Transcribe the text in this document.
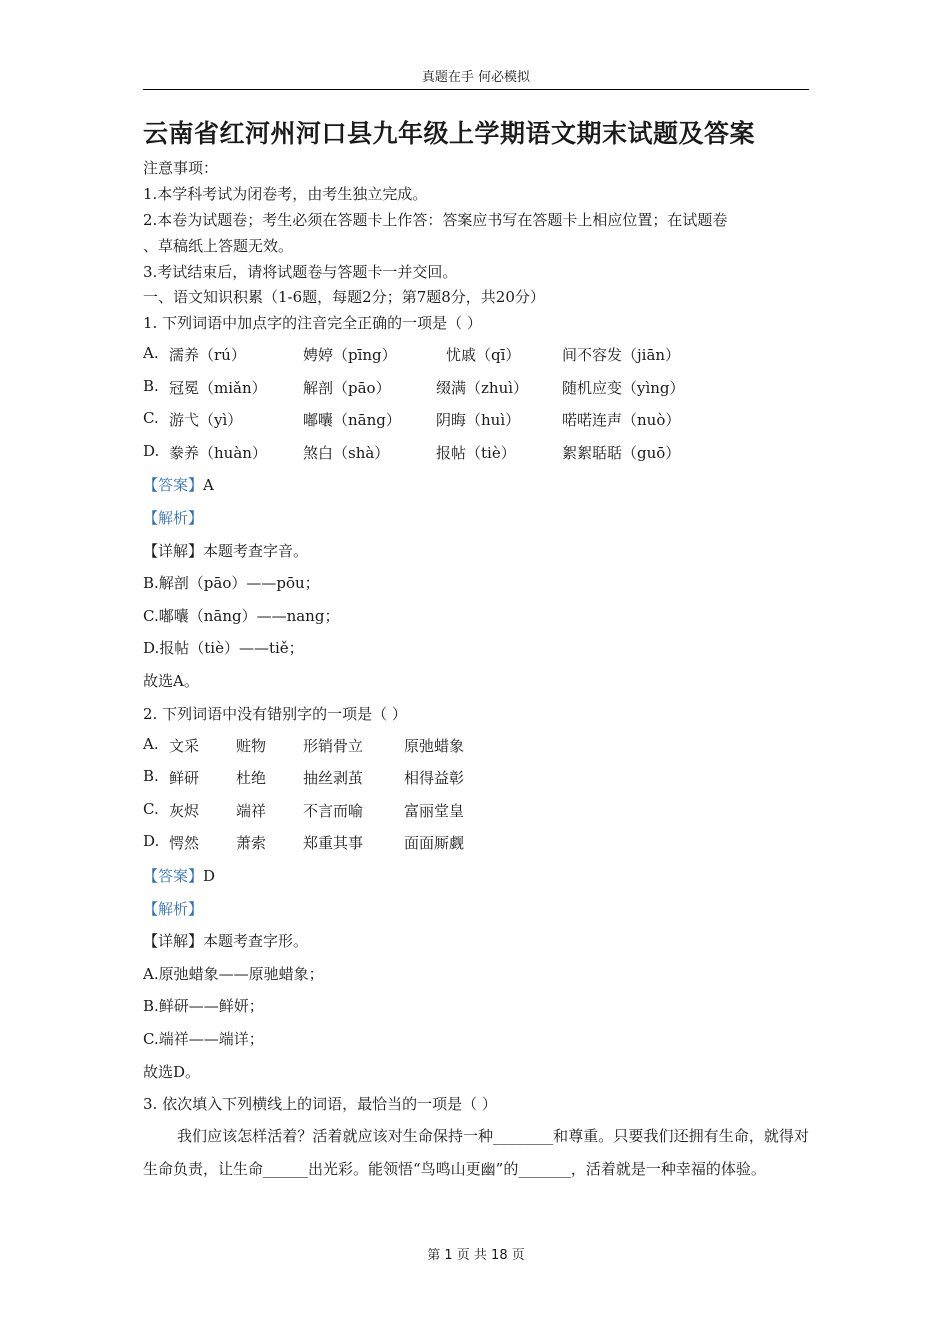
真题在手 何必模拟
云南省红河州河口县九年级上学期语文期末试题及答案
注意事项：
1.本学科考试为闭卷考，由考生独立完成。
2.本卷为试题卷；考生必须在答题卡上作答：答案应书写在答题卡上相应位置；在试题卷
、草稿纸上答题无效。
3.考试结束后，请将试题卷与答题卡一并交回。
一、语文知识积累（1-6题，每题2分；第7题8分，共20分）
1. 下列词语中加点字的注音完全正确的一项是（ ）
A. 濡养（rú）	娉婷（pīng）	忧戚（qī）	间不容发（jiān）
B. 冠冕（miǎn） 解剖（pāo）	缀满（zhuì） 随机应变（yìng）
C. 游弋（yì）	嘟囔（nāng） 阴晦（huì）	喏喏连声（nuò）
D. 豢养（huàn） 煞白（shà）	报帖（tiè）	絮絮聒聒（guō）
【答案】A
【解析】
【详解】本题考查字音。
B.解剖（pāo）——pōu；
C.嘟囔（nāng）——nang；
D.报帖（tiè）——tiě；
故选A。
2. 下列词语中没有错别字的一项是（ ）
A. 文采 赃物 形销骨立	原弛蜡象
B. 鲜研 杜绝 抽丝剥茧	相得益彰
C. 灰烬 端祥 不言而喻	富丽堂皇
D. 愕然 萧索 郑重其事	面面厮觑
【答案】D
【解析】
【详解】本题考查字形。
A.原弛蜡象——原驰蜡象；
B.鲜研——鲜妍；
C.端祥——端详；
故选D。
3. 依次填入下列横线上的词语，最恰当的一项是（ ）
我们应该怎样活着？活着就应该对生命保持一种________和尊重。只要我们还拥有生命，就得对生命负责，让生命______出光彩。能领悟“鸟鸣山更幽”的_______，活着就是一种幸福的体验。
第 1 页 共 18 页
